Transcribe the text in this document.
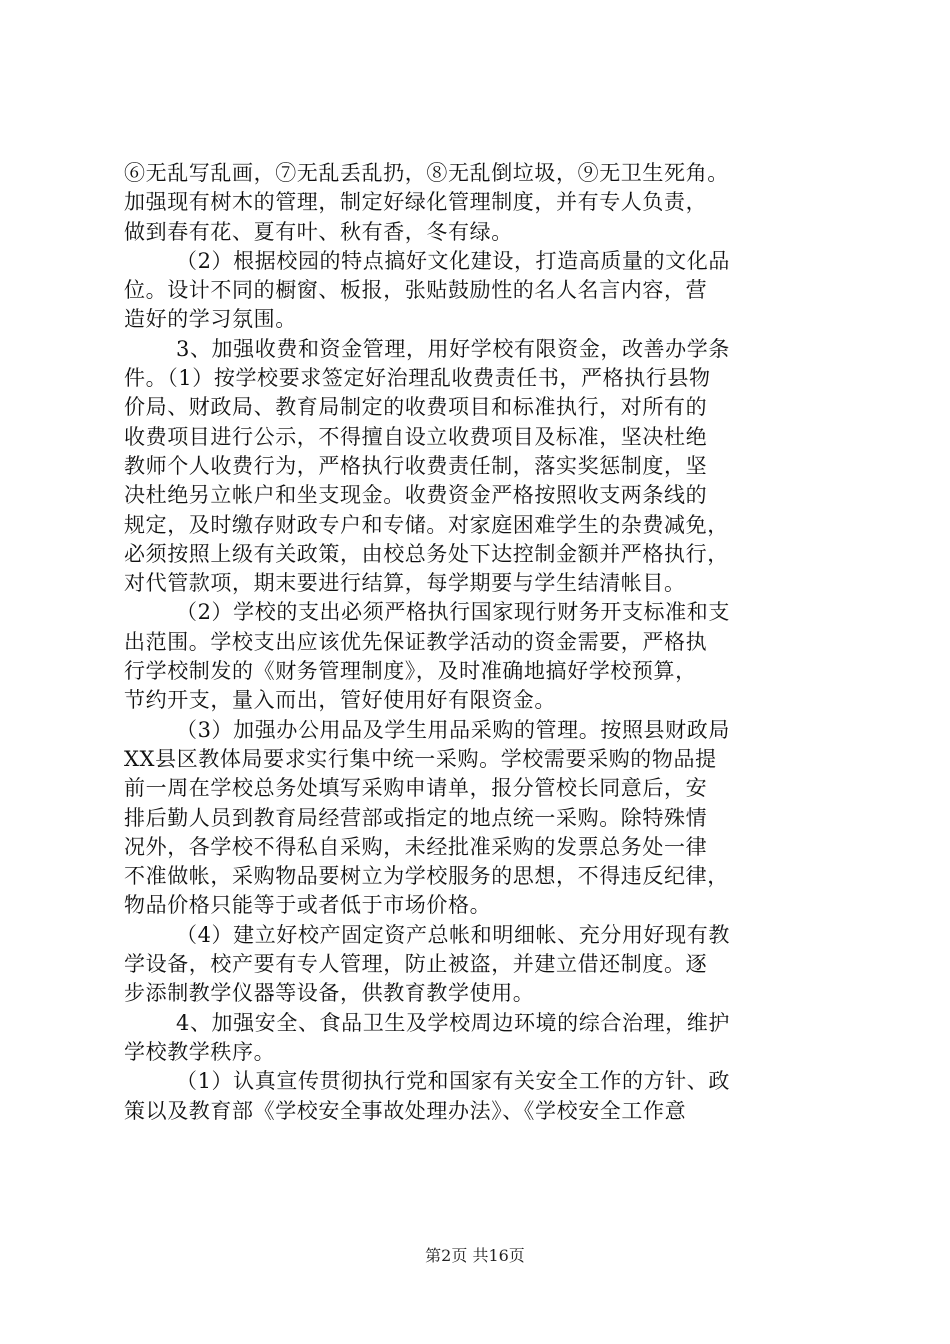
⑥无乱写乱画，⑦无乱丢乱扔，⑧无乱倒垃圾，⑨无卫生死角。
加强现有树木的管理，制定好绿化管理制度，并有专人负责，
做到春有花、夏有叶、秋有香，冬有绿。
（2）根据校园的特点搞好文化建设，打造高质量的文化品
位。设计不同的橱窗、板报，张贴鼓励性的名人名言内容，营
造好的学习氛围。
3、加强收费和资金管理，用好学校有限资金，改善办学条
件。（1）按学校要求签定好治理乱收费责任书，严格执行县物
价局、财政局、教育局制定的收费项目和标准执行，对所有的
收费项目进行公示，不得擅自设立收费项目及标准，坚决杜绝
教师个人收费行为，严格执行收费责任制，落实奖惩制度，坚
决杜绝另立帐户和坐支现金。收费资金严格按照收支两条线的
规定，及时缴存财政专户和专储。对家庭困难学生的杂费减免，
必须按照上级有关政策，由校总务处下达控制金额并严格执行，
对代管款项，期末要进行结算，每学期要与学生结清帐目。
（2）学校的支出必须严格执行国家现行财务开支标准和支
出范围。学校支出应该优先保证教学活动的资金需要，严格执
行学校制发的《财务管理制度》，及时准确地搞好学校预算，
节约开支，量入而出，管好使用好有限资金。
（3）加强办公用品及学生用品采购的管理。按照县财政局
XX县区教体局要求实行集中统一采购。学校需要采购的物品提
前一周在学校总务处填写采购申请单，报分管校长同意后，安
排后勤人员到教育局经营部或指定的地点统一采购。除特殊情
况外，各学校不得私自采购，未经批准采购的发票总务处一律
不准做帐，采购物品要树立为学校服务的思想，不得违反纪律，
物品价格只能等于或者低于市场价格。
（4）建立好校产固定资产总帐和明细帐、充分用好现有教
学设备，校产要有专人管理，防止被盗，并建立借还制度。逐
步添制教学仪器等设备，供教育教学使用。
4、加强安全、食品卫生及学校周边环境的综合治理，维护
学校教学秩序。
（1）认真宣传贯彻执行党和国家有关安全工作的方针、政
策以及教育部《学校安全事故处理办法》、《学校安全工作意
第2页 共16页
